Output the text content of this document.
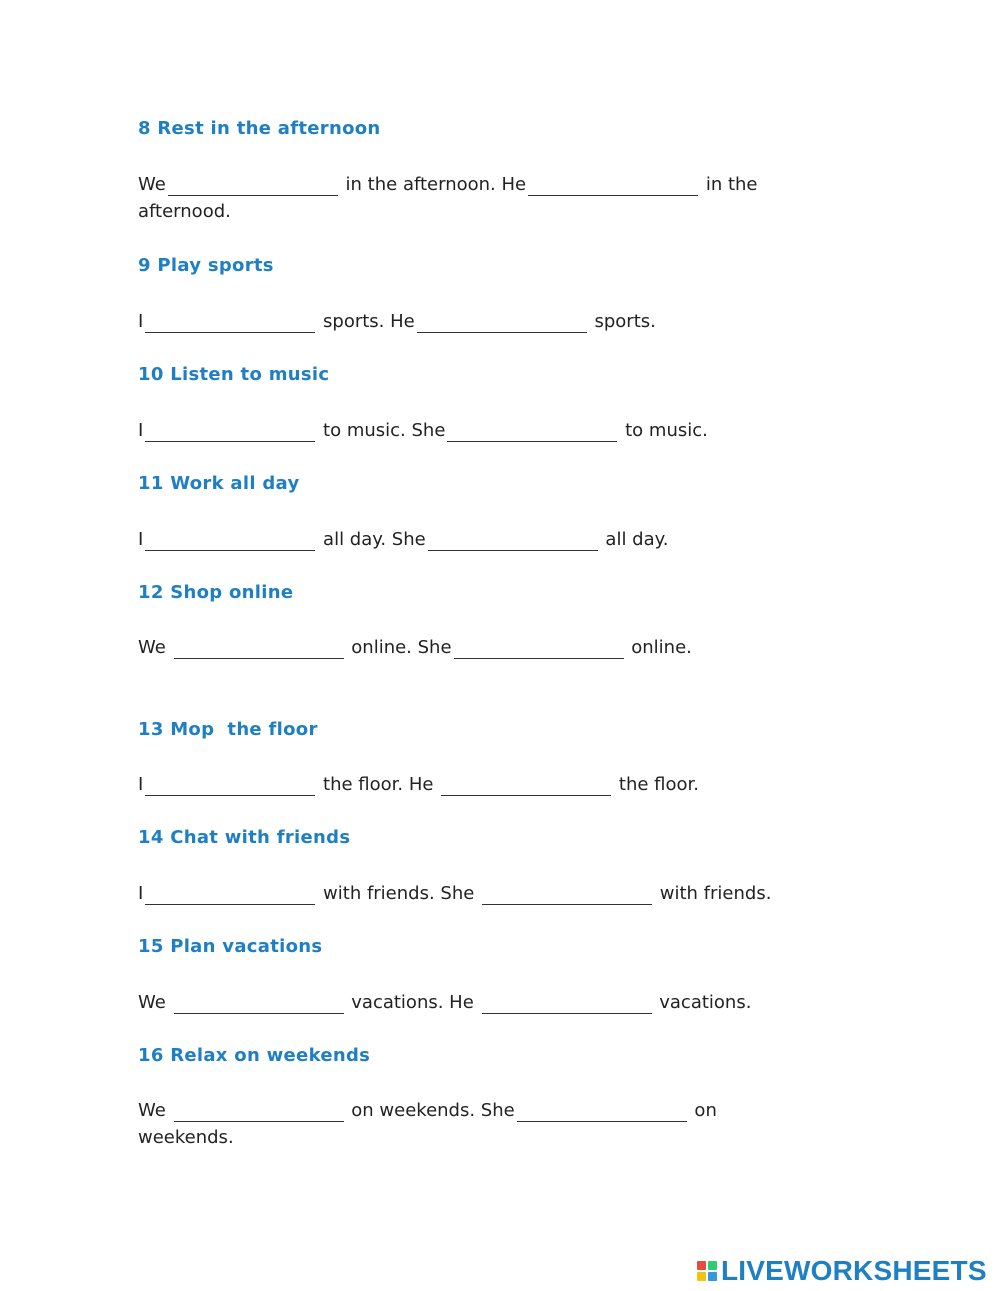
8 Rest in the afternoon
We	in the afternoon. He	in the afternood.
9 Play sports
I	sports. He	sports.
10 Listen to music
I	to music. She	to music.
11 Work all day
I	all day. She	all day.
12 Shop online
We	online. She	online.
13 Mop  the floor
I	the floor. He	the floor.
14 Chat with friends
I	with friends. She	with friends.
15 Plan vacations
We	vacations. He	vacations.
16 Relax on weekends
We	on weekends. She	on weekends.
LIVEWORKSHEETS
